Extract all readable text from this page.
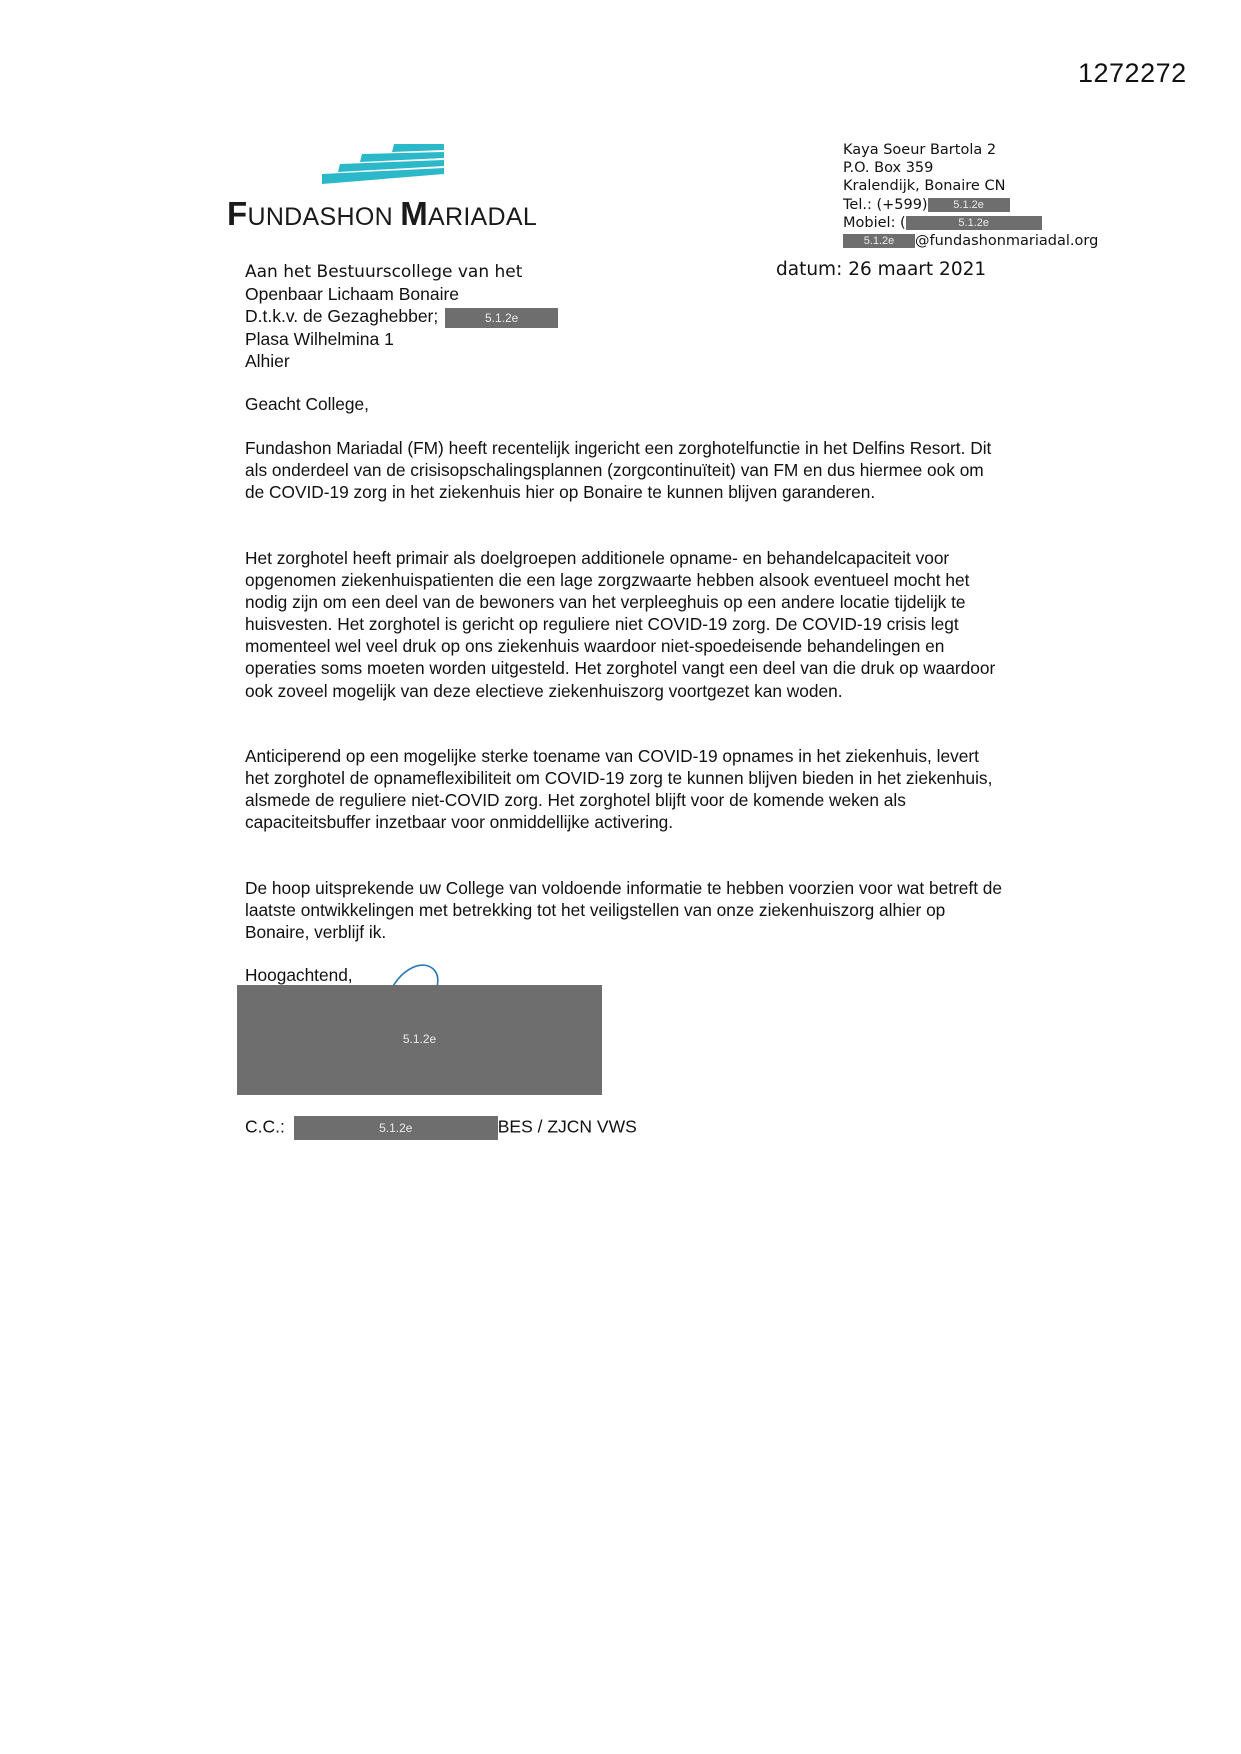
1272272
FUNDASHON MARIADAL
Kaya Soeur Bartola 2
P.O. Box 359
Kralendijk, Bonaire CN
Tel.: (+599) 5.1.2e
Mobiel: (	5.1.2e
5.1.2e @fundashonmariadal.org
datum: 26 maart 2021
Aan het Bestuurscollege van het
Openbaar Lichaam Bonaire
D.t.k.v. de Gezaghebber;	5.1.2e
Plasa Wilhelmina 1
Alhier
Geacht College,
Fundashon Mariadal (FM) heeft recentelijk ingericht een zorghotelfunctie in het Delfins Resort. Dit als onderdeel van de crisisopschalingsplannen (zorgcontinuïteit) van FM en dus hiermee ook om de COVID-19 zorg in het ziekenhuis hier op Bonaire te kunnen blijven garanderen.
Het zorghotel heeft primair als doelgroepen additionele opname- en behandelcapaciteit voor opgenomen ziekenhuispatienten die een lage zorgzwaarte hebben alsook eventueel mocht het nodig zijn om een deel van de bewoners van het verpleeghuis op een andere locatie tijdelijk te huisvesten. Het zorghotel is gericht op reguliere niet COVID-19 zorg. De COVID-19 crisis legt momenteel wel veel druk op ons ziekenhuis waardoor niet-spoedeisende behandelingen en operaties soms moeten worden uitgesteld. Het zorghotel vangt een deel van die druk op waardoor ook zoveel mogelijk van deze electieve ziekenhuiszorg voortgezet kan woden.
Anticiperend op een mogelijke sterke toename van COVID-19 opnames in het ziekenhuis, levert het zorghotel de opnameflexibiliteit om COVID-19 zorg te kunnen blijven bieden in het ziekenhuis, alsmede de reguliere niet-COVID zorg. Het zorghotel blijft voor de komende weken als capaciteitsbuffer inzetbaar voor onmiddellijke activering.
De hoop uitsprekende uw College van voldoende informatie te hebben voorzien voor wat betreft de laatste ontwikkelingen met betrekking tot het veiligstellen van onze ziekenhuiszorg alhier op Bonaire, verblijf ik.
Hoogachtend,
5.1.2e
C.C.:	5.1.2e	BES / ZJCN VWS
